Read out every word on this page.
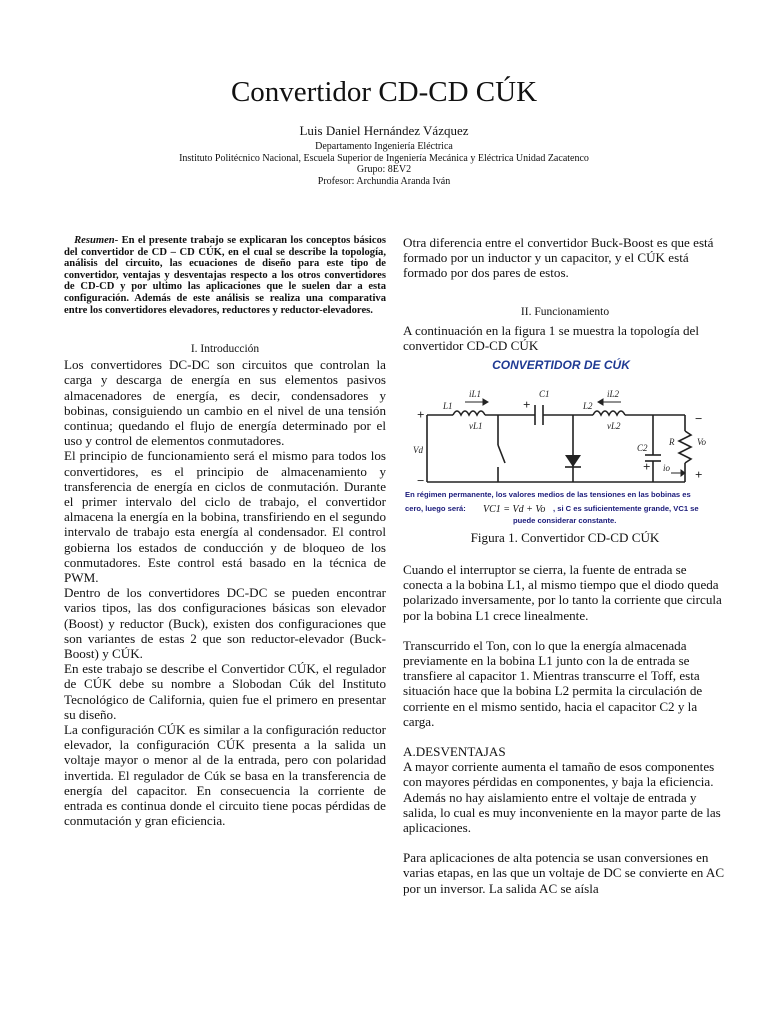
Convertidor CD-CD CÚK
Luis Daniel Hernández Vázquez
Departamento Ingeniería Eléctrica
Instituto Politécnico Nacional, Escuela Superior de Ingeniería Mecánica y Eléctrica Unidad Zacatenco
Grupo: 8EV2
Profesor: Archundia Aranda Iván

Resumen- En el presente trabajo se explicaran los conceptos básicos del convertidor de CD – CD CÚK, en el cual se describe la topología, análisis del circuito, las ecuaciones de diseño para este tipo de convertidor, ventajas y desventajas respecto a los otros convertidores de CD-CD y por ultimo las aplicaciones que le suelen dar a esta configuración. Además de este análisis se realiza una comparativa entre los convertidores elevadores, reductores y reductor-elevadores.

I. Introducción

Los convertidores DC-DC son circuitos que controlan la carga y descarga de energía en sus elementos pasivos almacenadores de energía, es decir, condensadores y bobinas, consiguiendo un cambio en el nivel de una tensión continua; quedando el flujo de energía determinado por el uso y control de elementos conmutadores.

El principio de funcionamiento será el mismo para todos los convertidores, es el principio de almacenamiento y transferencia de energía en ciclos de conmutación. Durante el primer intervalo del ciclo de trabajo, el convertidor almacena la energía en la bobina, transfiriendo en el segundo intervalo de trabajo esta energía al condensador. El control gobierna los estados de conducción y de bloqueo de los conmutadores. Este control está basado en la técnica de PWM.

Dentro de los convertidores DC-DC se pueden encontrar varios tipos, las dos configuraciones básicas son elevador (Boost) y reductor (Buck), existen dos configuraciones que son variantes de estas 2 que son reductor-elevador (Buck-Boost) y CÚK.

En este trabajo se describe el Convertidor CÚK, el regulador de CÚK debe su nombre a Slobodan Cúk del Instituto Tecnológico de California, quien fue el primero en presentar su diseño.

La configuración CÚK es similar a la configuración reductor elevador, la configuración CÚK presenta a la salida un voltaje mayor o menor al de la entrada, pero con polaridad invertida. El regulador de Cúk se basa en la transferencia de energía del capacitor. En consecuencia la corriente de entrada es continua donde el circuito tiene pocas pérdidas de conmutación y gran eficiencia.

Otra diferencia entre el convertidor Buck-Boost es que está formado por un inductor y un capacitor, y el CÚK está formado por dos pares de estos.

II. Funcionamiento

A continuación en la figura 1 se muestra la topología del convertidor CD-CD CÚK

CONVERTIDOR DE CÚK
L1
iL1
vL1
C1
L2
iL2
vL2
C2
R
Vd
Vo
io
+
−
+
+
−
+
En régimen permanente, los valores medios de las tensiones en las bobinas es
cero, luego será: VC1 = Vd + Vo , si C es suficientemente grande, VC1 se
puede considerar constante.

Figura 1. Convertidor CD-CD CÚK

Cuando el interruptor se cierra, la fuente de entrada se conecta a la bobina L1, al mismo tiempo que el diodo queda polarizado inversamente, por lo tanto la corriente que circula por la bobina L1 crece linealmente.

Transcurrido el Ton, con lo que la energía almacenada previamente en la bobina L1 junto con la de entrada se transfiere al capacitor 1. Mientras transcurre el Toff, esta situación hace que la bobina L2 permita la circulación de corriente en el mismo sentido, hacia el capacitor C2 y la carga.

A.DESVENTAJAS

A mayor corriente aumenta el tamaño de esos componentes con mayores pérdidas en componentes, y baja la eficiencia. Además no hay aislamiento entre el voltaje de entrada y salida, lo cual es muy inconveniente en la mayor parte de las aplicaciones.

Para aplicaciones de alta potencia se usan conversiones en varias etapas, en las que un voltaje de DC se convierte en AC por un inversor. La salida AC se aísla
